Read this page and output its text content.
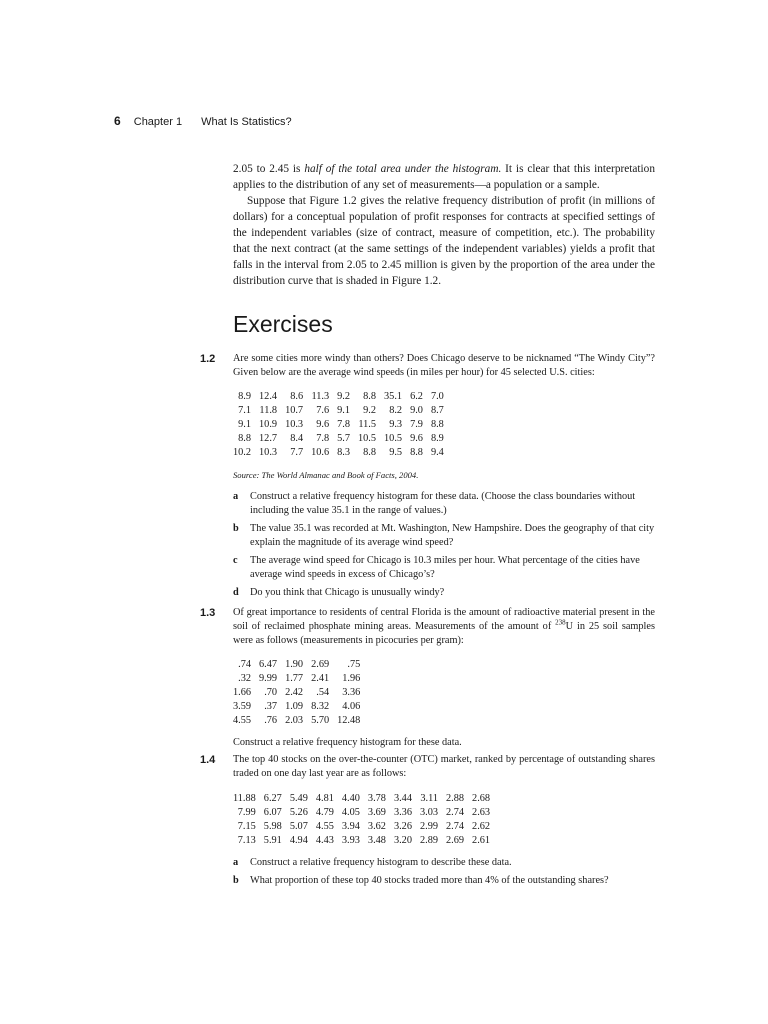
6 Chapter 1 What Is Statistics?

2.05 to 2.45 is half of the total area under the histogram. It is clear that this interpretation applies to the distribution of any set of measurements—a population or a sample.

Suppose that Figure 1.2 gives the relative frequency distribution of profit (in millions of dollars) for a conceptual population of profit responses for contracts at specified settings of the independent variables (size of contract, measure of competition, etc.). The probability that the next contract (at the same settings of the independent variables) yields a profit that falls in the interval from 2.05 to 2.45 million is given by the proportion of the area under the distribution curve that is shaded in Figure 1.2.

Exercises
1.2 Are some cities more windy than others? Does Chicago deserve to be nicknamed “The Windy City”? Given below are the average wind speeds (in miles per hour) for 45 selected U.S. cities:

8.9	12.4	8.6	11.3	9.2	8.8	35.1	6.2	7.0
7.1	11.8	10.7	7.6	9.1	9.2	8.2	9.0	8.7
9.1	10.9	10.3	9.6	7.8	11.5	9.3	7.9	8.8
8.8	12.7	8.4	7.8	5.7	10.5	10.5	9.6	8.9
10.2	10.3	7.7	10.6	8.3	8.8	9.5	8.8	9.4
Source: The World Almanac and Book of Facts, 2004.
a Construct a relative frequency histogram for these data. (Choose the class boundaries without including the value 35.1 in the range of values.)
b The value 35.1 was recorded at Mt. Washington, New Hampshire. Does the geography of that city explain the magnitude of its average wind speed?
c The average wind speed for Chicago is 10.3 miles per hour. What percentage of the cities have average wind speeds in excess of Chicago’s?
d Do you think that Chicago is unusually windy?
1.3 Of great importance to residents of central Florida is the amount of radioactive material present in the soil of reclaimed phosphate mining areas. Measurements of the amount of $^{238}$U in 25 soil samples were as follows (measurements in picocuries per gram):

.74	6.47	1.90	2.69	.75
.32	9.99	1.77	2.41	1.96
1.66	.70	2.42	.54	3.36
3.59	.37	1.09	8.32	4.06
4.55	.76	2.03	5.70	12.48

Construct a relative frequency histogram for these data.

1.4 The top 40 stocks on the over-the-counter (OTC) market, ranked by percentage of outstanding shares traded on one day last year are as follows:

11.88	6.27	5.49	4.81	4.40	3.78	3.44	3.11	2.88	2.68
7.99	6.07	5.26	4.79	4.05	3.69	3.36	3.03	2.74	2.63
7.15	5.98	5.07	4.55	3.94	3.62	3.26	2.99	2.74	2.62
7.13	5.91	4.94	4.43	3.93	3.48	3.20	2.89	2.69	2.61
a Construct a relative frequency histogram to describe these data.
b What proportion of these top 40 stocks traded more than 4% of the outstanding shares?
